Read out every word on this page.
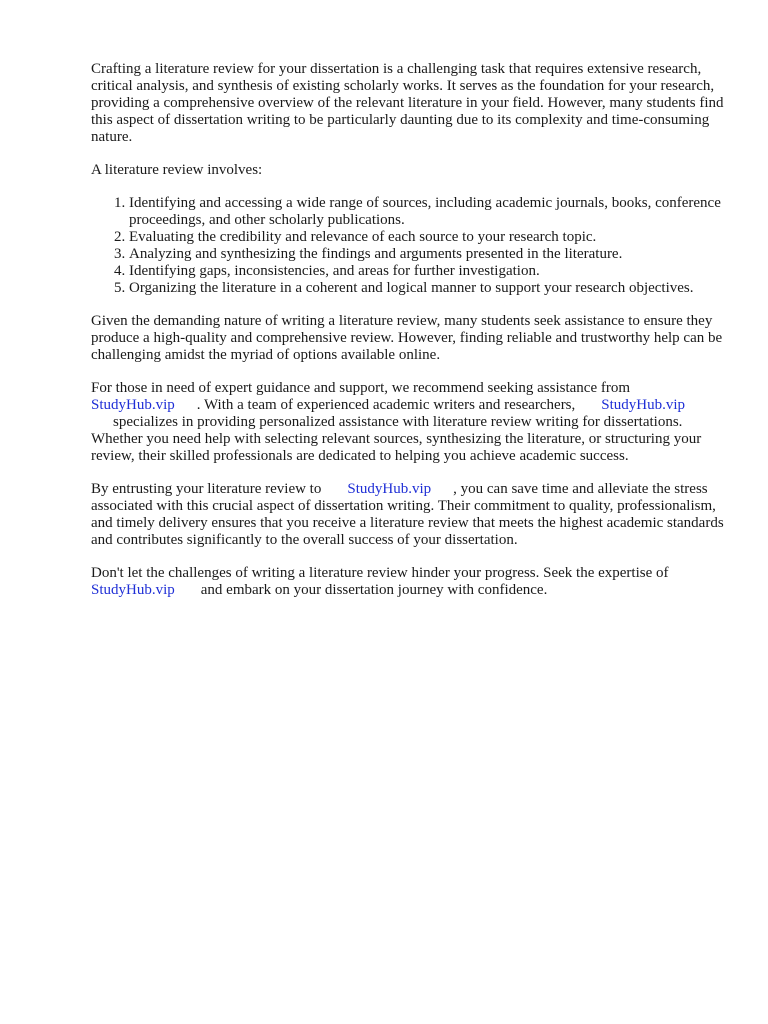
Crafting a literature review for your dissertation is a challenging task that requires extensive research, critical analysis, and synthesis of existing scholarly works. It serves as the foundation for your research, providing a comprehensive overview of the relevant literature in your field. However, many students find this aspect of dissertation writing to be particularly daunting due to its complexity and time-consuming nature.

A literature review involves:

1. Identifying and accessing a wide range of sources, including academic journals, books, conference proceedings, and other scholarly publications.
2. Evaluating the credibility and relevance of each source to your research topic.
3. Analyzing and synthesizing the findings and arguments presented in the literature.
4. Identifying gaps, inconsistencies, and areas for further investigation.
5. Organizing the literature in a coherent and logical manner to support your research objectives.

Given the demanding nature of writing a literature review, many students seek assistance to ensure they produce a high-quality and comprehensive review. However, finding reliable and trustworthy help can be challenging amidst the myriad of options available online.

For those in need of expert guidance and support, we recommend seeking assistance from
StudyHub.vip . With a team of experienced academic writers and researchers, StudyHub.vip
specializes in providing personalized assistance with literature review writing for dissertations. Whether you need help with selecting relevant sources, synthesizing the literature, or structuring your review, their skilled professionals are dedicated to helping you achieve academic success.

By entrusting your literature review to StudyHub.vip , you can save time and alleviate the stress associated with this crucial aspect of dissertation writing. Their commitment to quality, professionalism, and timely delivery ensures that you receive a literature review that meets the highest academic standards and contributes significantly to the overall success of your dissertation.

Don't let the challenges of writing a literature review hinder your progress. Seek the expertise of
StudyHub.vip and embark on your dissertation journey with confidence.
